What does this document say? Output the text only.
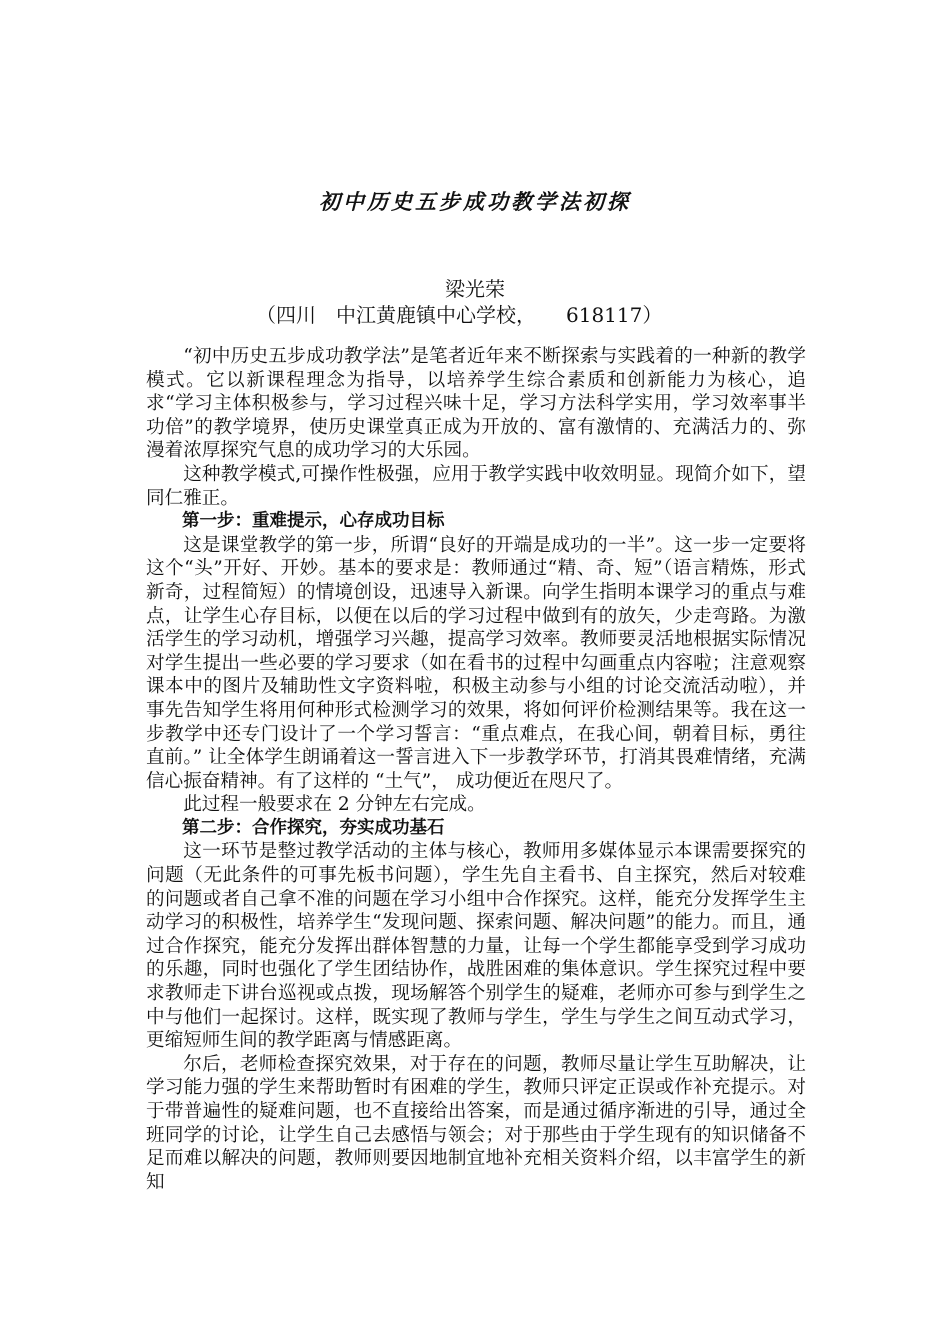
初中历史五步成功教学法初探
梁光荣
（四川　中江黄鹿镇中心学校，　　618117）

“初中历史五步成功教学法”是笔者近年来不断探索与实践着的一种新的教学模式。它以新课程理念为指导，以培养学生综合素质和创新能力为核心，追求“学习主体积极参与，学习过程兴味十足，学习方法科学实用，学习效率事半功倍”的教学境界，使历史课堂真正成为开放的、富有激情的、充满活力的、弥漫着浓厚探究气息的成功学习的大乐园。

这种教学模式,可操作性极强，应用于教学实践中收效明显。现简介如下，望同仁雅正。

第一步：重难提示，心存成功目标

这是课堂教学的第一步，所谓“良好的开端是成功的一半”。这一步一定要将这个“头”开好、开妙。基本的要求是：教师通过“精、奇、短”（语言精炼，形式新奇，过程简短）的情境创设，迅速导入新课。向学生指明本课学习的重点与难点，让学生心存目标，以便在以后的学习过程中做到有的放矢，少走弯路。为激活学生的学习动机，增强学习兴趣，提高学习效率。教师要灵活地根据实际情况对学生提出一些必要的学习要求（如在看书的过程中勾画重点内容啦；注意观察课本中的图片及辅助性文字资料啦，积极主动参与小组的讨论交流活动啦），并事先告知学生将用何种形式检测学习的效果，将如何评价检测结果等。我在这一步教学中还专门设计了一个学习誓言：“重点难点，在我心间，朝着目标，勇往直前。” 让全体学生朗诵着这一誓言进入下一步教学环节，打消其畏难情绪，充满信心振奋精神。有了这样的 “土气”， 成功便近在咫尺了。

此过程一般要求在 2 分钟左右完成。

第二步：合作探究，夯实成功基石

这一环节是整过教学活动的主体与核心，教师用多媒体显示本课需要探究的问题（无此条件的可事先板书问题），学生先自主看书、自主探究，然后对较难的问题或者自己拿不准的问题在学习小组中合作探究。这样，能充分发挥学生主动学习的积极性，培养学生“发现问题、探索问题、解决问题”的能力。而且，通过合作探究，能充分发挥出群体智慧的力量，让每一个学生都能享受到学习成功的乐趣，同时也强化了学生团结协作，战胜困难的集体意识。学生探究过程中要求教师走下讲台巡视或点拨，现场解答个别学生的疑难，老师亦可参与到学生之中与他们一起探讨。这样，既实现了教师与学生，学生与学生之间互动式学习，更缩短师生间的教学距离与情感距离。

尔后，老师检查探究效果，对于存在的问题，教师尽量让学生互助解决，让学习能力强的学生来帮助暂时有困难的学生，教师只评定正误或作补充提示。对于带普遍性的疑难问题，也不直接给出答案，而是通过循序渐进的引导，通过全班同学的讨论，让学生自己去感悟与领会；对于那些由于学生现有的知识储备不足而难以解决的问题，教师则要因地制宜地补充相关资料介绍，以丰富学生的新知
